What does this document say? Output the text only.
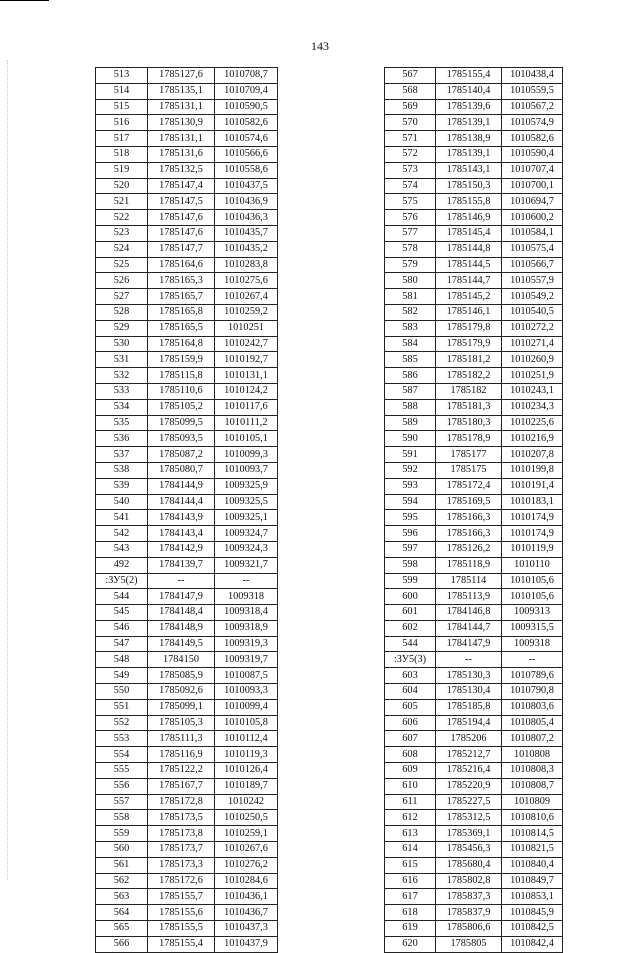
143
513	1785127,6	1010708,7
514	1785135,1	1010709,4
515	1785131,1	1010590,5
516	1785130,9	1010582,6
517	1785131,1	1010574,6
518	1785131,6	1010566,6
519	1785132,5	1010558,6
520	1785147,4	1010437,5
521	1785147,5	1010436,9
522	1785147,6	1010436,3
523	1785147,6	1010435,7
524	1785147,7	1010435,2
525	1785164,6	1010283,8
526	1785165,3	1010275,6
527	1785165,7	1010267,4
528	1785165,8	1010259,2
529	1785165,5	1010251
530	1785164,8	1010242,7
531	1785159,9	1010192,7
532	1785115,8	1010131,1
533	1785110,6	1010124,2
534	1785105,2	1010117,6
535	1785099,5	1010111,2
536	1785093,5	1010105,1
537	1785087,2	1010099,3
538	1785080,7	1010093,7
539	1784144,9	1009325,9
540	1784144,4	1009325,5
541	1784143,9	1009325,1
542	1784143,4	1009324,7
543	1784142,9	1009324,3
492	1784139,7	1009321,7
:ЗУ5(2)	--	--
544	1784147,9	1009318
545	1784148,4	1009318,4
546	1784148,9	1009318,9
547	1784149,5	1009319,3
548	1784150	1009319,7
549	1785085,9	1010087,5
550	1785092,6	1010093,3
551	1785099,1	1010099,4
552	1785105,3	1010105,8
553	1785111,3	1010112,4
554	1785116,9	1010119,3
555	1785122,2	1010126,4
556	1785167,7	1010189,7
557	1785172,8	1010242
558	1785173,5	1010250,5
559	1785173,8	1010259,1
560	1785173,7	1010267,6
561	1785173,3	1010276,2
562	1785172,6	1010284,6
563	1785155,7	1010436,1
564	1785155,6	1010436,7
565	1785155,5	1010437,3
566	1785155,4	1010437,9
567	1785155,4	1010438,4
568	1785140,4	1010559,5
569	1785139,6	1010567,2
570	1785139,1	1010574,9
571	1785138,9	1010582,6
572	1785139,1	1010590,4
573	1785143,1	1010707,4
574	1785150,3	1010700,1
575	1785155,8	1010694,7
576	1785146,9	1010600,2
577	1785145,4	1010584,1
578	1785144,8	1010575,4
579	1785144,5	1010566,7
580	1785144,7	1010557,9
581	1785145,2	1010549,2
582	1785146,1	1010540,5
583	1785179,8	1010272,2
584	1785179,9	1010271,4
585	1785181,2	1010260,9
586	1785182,2	1010251,9
587	1785182	1010243,1
588	1785181,3	1010234,3
589	1785180,3	1010225,6
590	1785178,9	1010216,9
591	1785177	1010207,8
592	1785175	1010199,8
593	1785172,4	1010191,4
594	1785169,5	1010183,1
595	1785166,3	1010174,9
596	1785166,3	1010174,9
597	1785126,2	1010119,9
598	1785118,9	1010110
599	1785114	1010105,6
600	1785113,9	1010105,6
601	1784146,8	1009313
602	1784144,7	1009315,5
544	1784147,9	1009318
:ЗУ5(3)	--	--
603	1785130,3	1010789,6
604	1785130,4	1010790,8
605	1785185,8	1010803,6
606	1785194,4	1010805,4
607	1785206	1010807,2
608	1785212,7	1010808
609	1785216,4	1010808,3
610	1785220,9	1010808,7
611	1785227,5	1010809
612	1785312,5	1010810,6
613	1785369,1	1010814,5
614	1785456,3	1010821,5
615	1785680,4	1010840,4
616	1785802,8	1010849,7
617	1785837,3	1010853,1
618	1785837,9	1010845,9
619	1785806,6	1010842,5
620	1785805	1010842,4
